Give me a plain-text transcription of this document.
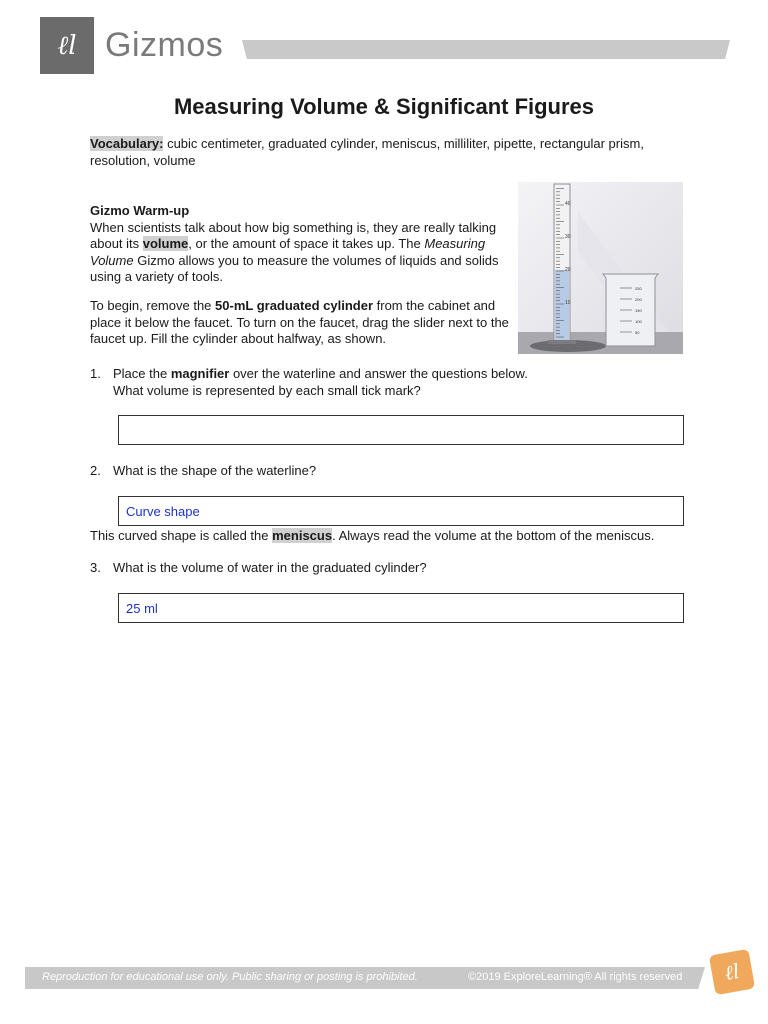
ℓl Gizmos
Measuring Volume & Significant Figures
Vocabulary: cubic centimeter, graduated cylinder, meniscus, milliliter, pipette, rectangular prism, resolution, volume
Gizmo Warm-up
When scientists talk about how big something is, they are really talking about its volume, or the amount of space it takes up. The Measuring Volume Gizmo allows you to measure the volumes of liquids and solids using a variety of tools.
To begin, remove the 50-mL graduated cylinder from the cabinet and place it below the faucet. To turn on the faucet, drag the slider next to the faucet up. Fill the cylinder about halfway, as shown.
40
30
20
10
250
200
150
100
50
1. Place the magnifier over the waterline and answer the questions below.
What volume is represented by each small tick mark?
2. What is the shape of the waterline?
Curve shape
This curved shape is called the meniscus. Always read the volume at the bottom of the meniscus.
3. What is the volume of water in the graduated cylinder?
25 ml
Reproduction for educational use only. Public sharing or posting is prohibited.	©2019 ExploreLearning® All rights reserved	ℓl
